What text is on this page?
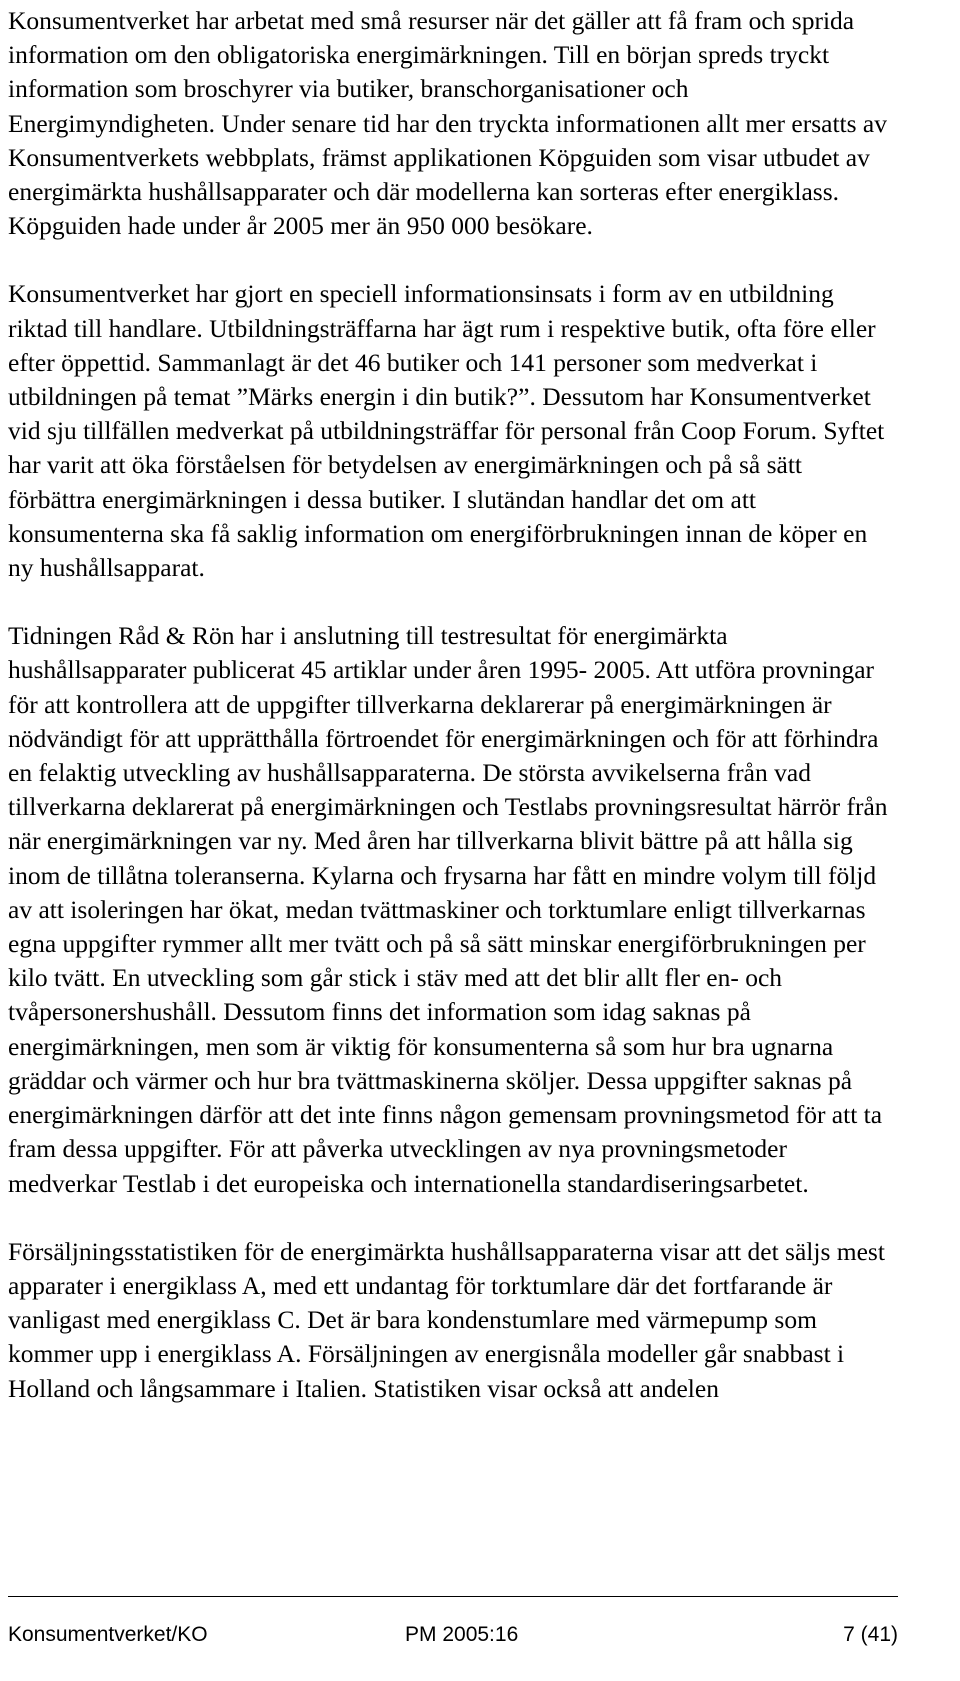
Konsumentverket har arbetat med små resurser när det gäller att få fram och sprida information om den obligatoriska energimärkningen. Till en början spreds tryckt information som broschyrer via butiker, branschorganisationer och Energimyndigheten. Under senare tid har den tryckta informationen allt mer ersatts av Konsumentverkets webbplats, främst applikationen Köpguiden som visar utbudet av energimärkta hushållsapparater och där modellerna kan sorteras efter energiklass. Köpguiden hade under år 2005 mer än 950 000 besökare.

Konsumentverket har gjort en speciell informationsinsats i form av en utbildning riktad till handlare. Utbildningsträffarna har ägt rum i respektive butik, ofta före eller efter öppettid. Sammanlagt är det 46 butiker och 141 personer som medverkat i utbildningen på temat ”Märks energin i din butik?”. Dessutom har Konsumentverket vid sju tillfällen medverkat på utbildningsträffar för personal från Coop Forum. Syftet har varit att öka förståelsen för betydelsen av energimärkningen och på så sätt förbättra energimärkningen i dessa butiker. I slutändan handlar det om att konsumenterna ska få saklig information om energiförbrukningen innan de köper en ny hushållsapparat.

Tidningen Råd & Rön har i anslutning till testresultat för energimärkta hushållsapparater publicerat 45 artiklar under åren 1995- 2005. Att utföra provningar för att kontrollera att de uppgifter tillverkarna deklarerar på energimärkningen är nödvändigt för att upprätthålla förtroendet för energimärkningen och för att förhindra en felaktig utveckling av hushållsapparaterna. De största avvikelserna från vad tillverkarna deklarerat på energimärkningen och Testlabs provningsresultat härrör från när energimärkningen var ny. Med åren har tillverkarna blivit bättre på att hålla sig inom de tillåtna toleranserna. Kylarna och frysarna har fått en mindre volym till följd av att isoleringen har ökat, medan tvättmaskiner och torktumlare enligt tillverkarnas egna uppgifter rymmer allt mer tvätt och på så sätt minskar energiförbrukningen per kilo tvätt. En utveckling som går stick i stäv med att det blir allt fler en- och tvåpersonershushåll. Dessutom finns det information som idag saknas på energimärkningen, men som är viktig för konsumenterna så som hur bra ugnarna gräddar och värmer och hur bra tvättmaskinerna sköljer. Dessa uppgifter saknas på energimärkningen därför att det inte finns någon gemensam provningsmetod för att ta fram dessa uppgifter. För att påverka utvecklingen av nya provningsmetoder medverkar Testlab i det europeiska och internationella standardiseringsarbetet.

Försäljningsstatistiken för de energimärkta hushållsapparaterna visar att det säljs mest apparater i energiklass A, med ett undantag för torktumlare där det fortfarande är vanligast med energiklass C. Det är bara kondenstumlare med värmepump som kommer upp i energiklass A. Försäljningen av energisnåla modeller går snabbast i Holland och långsammare i Italien. Statistiken visar också att andelen

Konsumentverket/KO	PM 2005:16	7 (41)
